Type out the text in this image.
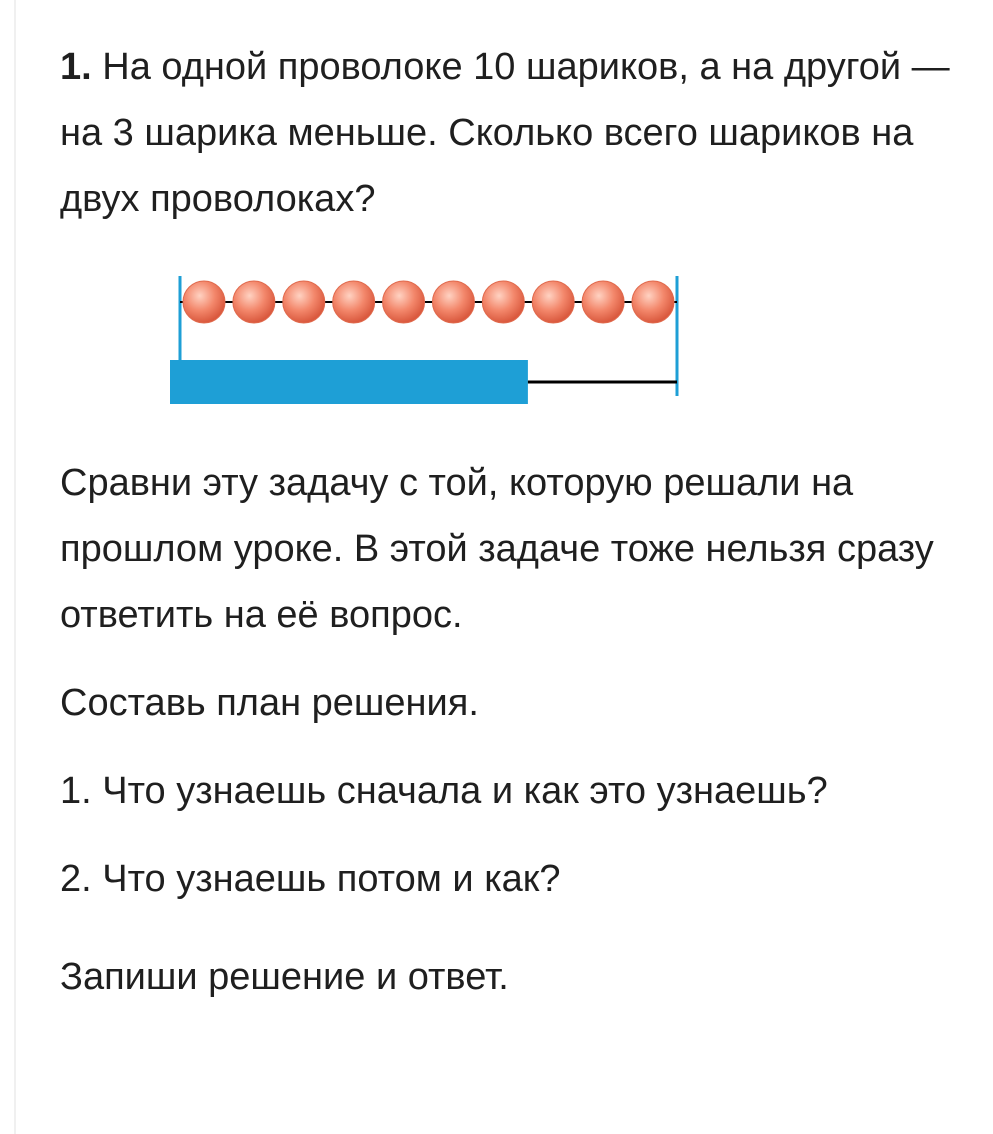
1. На одной проволоке 10 шариков, а на другой — на 3 шарика меньше. Сколько всего шариков на двух проволоках?

Сравни эту задачу с той, которую решали на прошлом уроке. В этой задаче тоже нельзя сразу ответить на её вопрос.

Составь план решения.

1. Что узнаешь сначала и как это узнаешь?

2. Что узнаешь потом и как?

Запиши решение и ответ.
